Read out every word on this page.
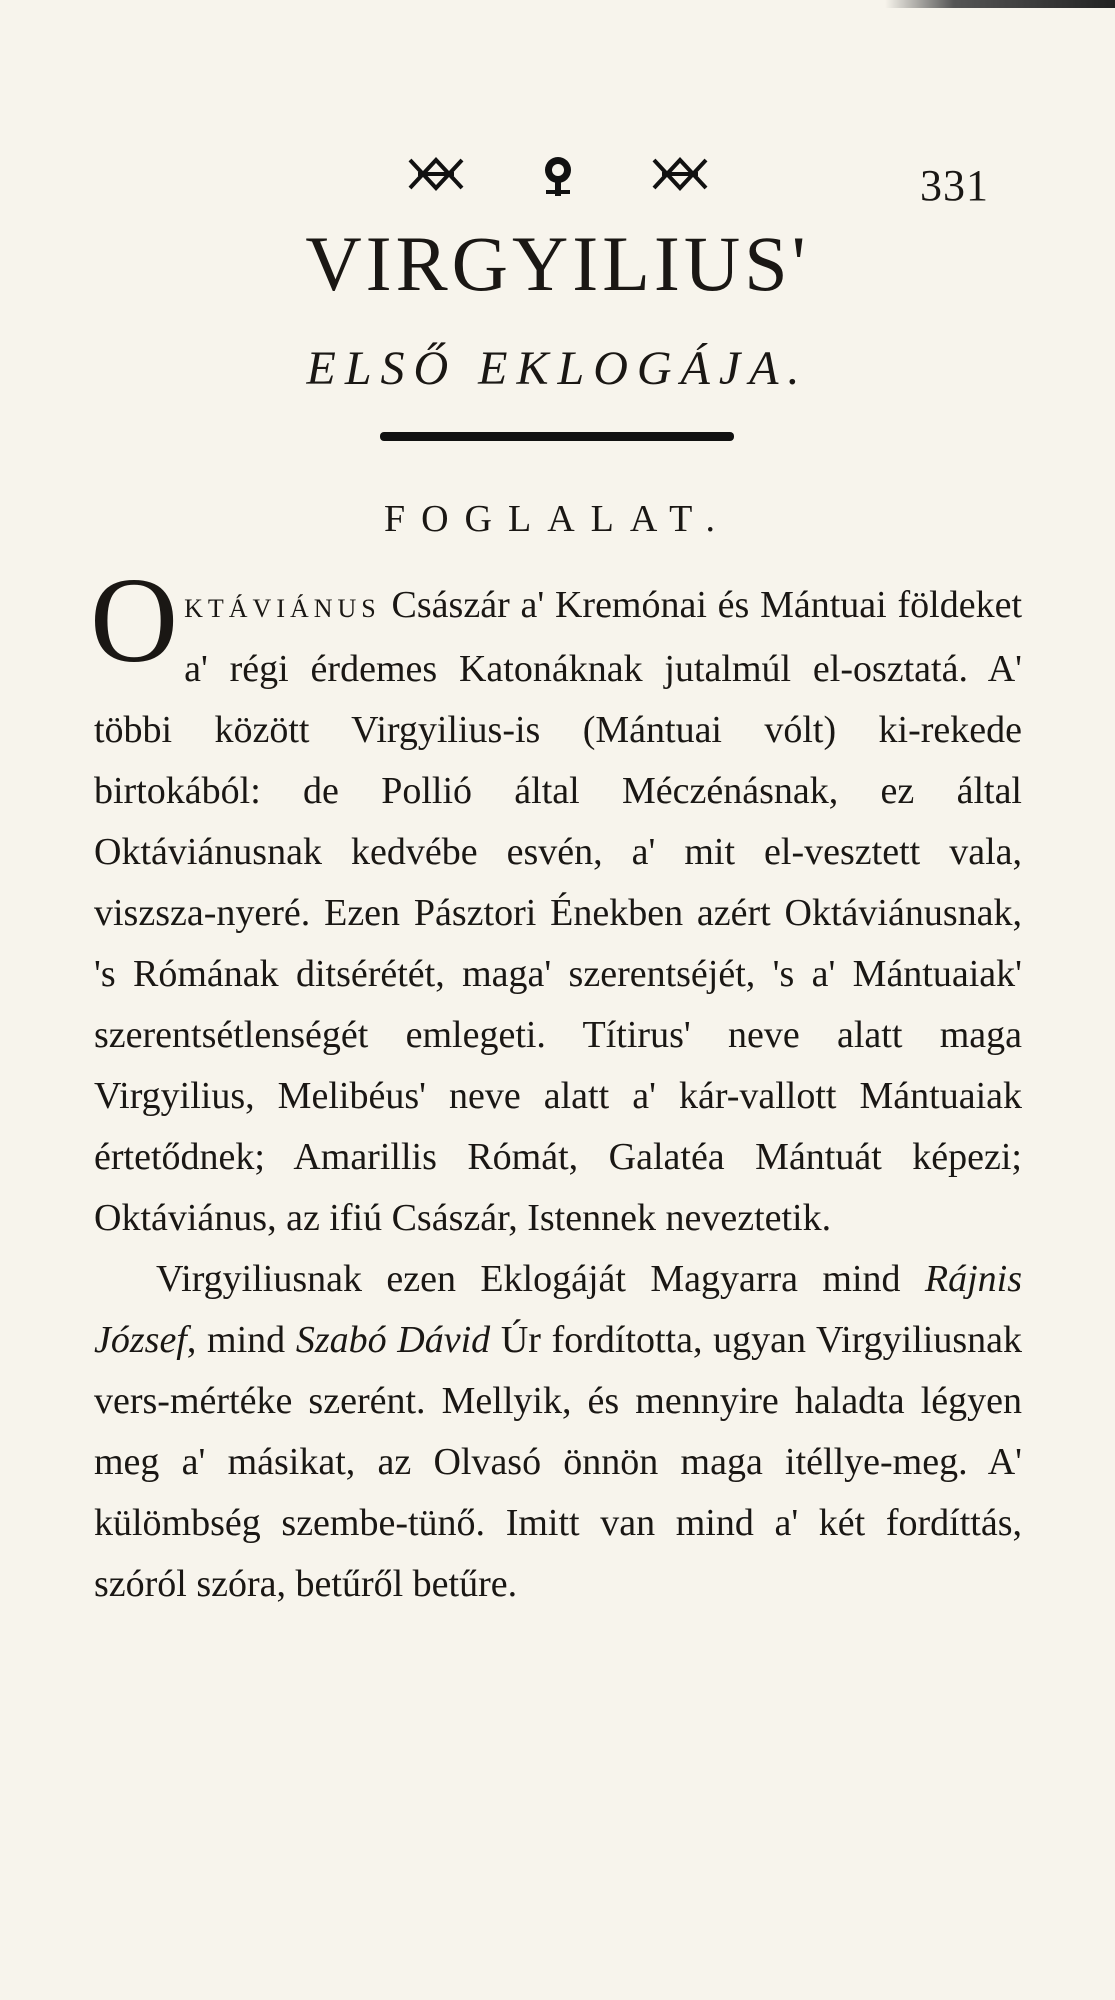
331
VIRGYILIUS'
ELSŐ EKLOGÁJA.
FOGLALAT.

OKTÁVIÁNUS Császár a' Kremónai és Mántuai földeket a' régi érdemes Katonáknak jutalmúl el-osztatá. A' többi között Virgyilius-is (Mántuai vólt) ki-rekede birtokából: de Pollió által Méczénásnak, ez által Oktáviánusnak kedvébe esvén, a' mit el-vesztett vala, viszsza-nyeré. Ezen Pásztori Énekben azért Oktáviánusnak, 's Rómának ditsérétét, maga' szerentséjét, 's a' Mántuaiak' szerentsétlenségét emlegeti. Títirus' neve alatt maga Virgyilius, Melibéus' neve alatt a' kár-vallott Mántuaiak értetődnek; Amarillis Rómát, Galatéa Mántuát képezi; Oktáviánus, az ifiú Császár, Istennek neveztetik.

Virgyiliusnak ezen Eklogáját Magyarra mind Rájnis József, mind Szabó Dávid Úr fordította, ugyan Virgyiliusnak vers-mértéke szerént. Mellyik, és mennyire haladta légyen meg a' másikat, az Olvasó önnön maga itéllye-meg. A' külömbség szembe-tünő. Imitt van mind a' két fordíttás, szóról szóra, betűről betűre.
